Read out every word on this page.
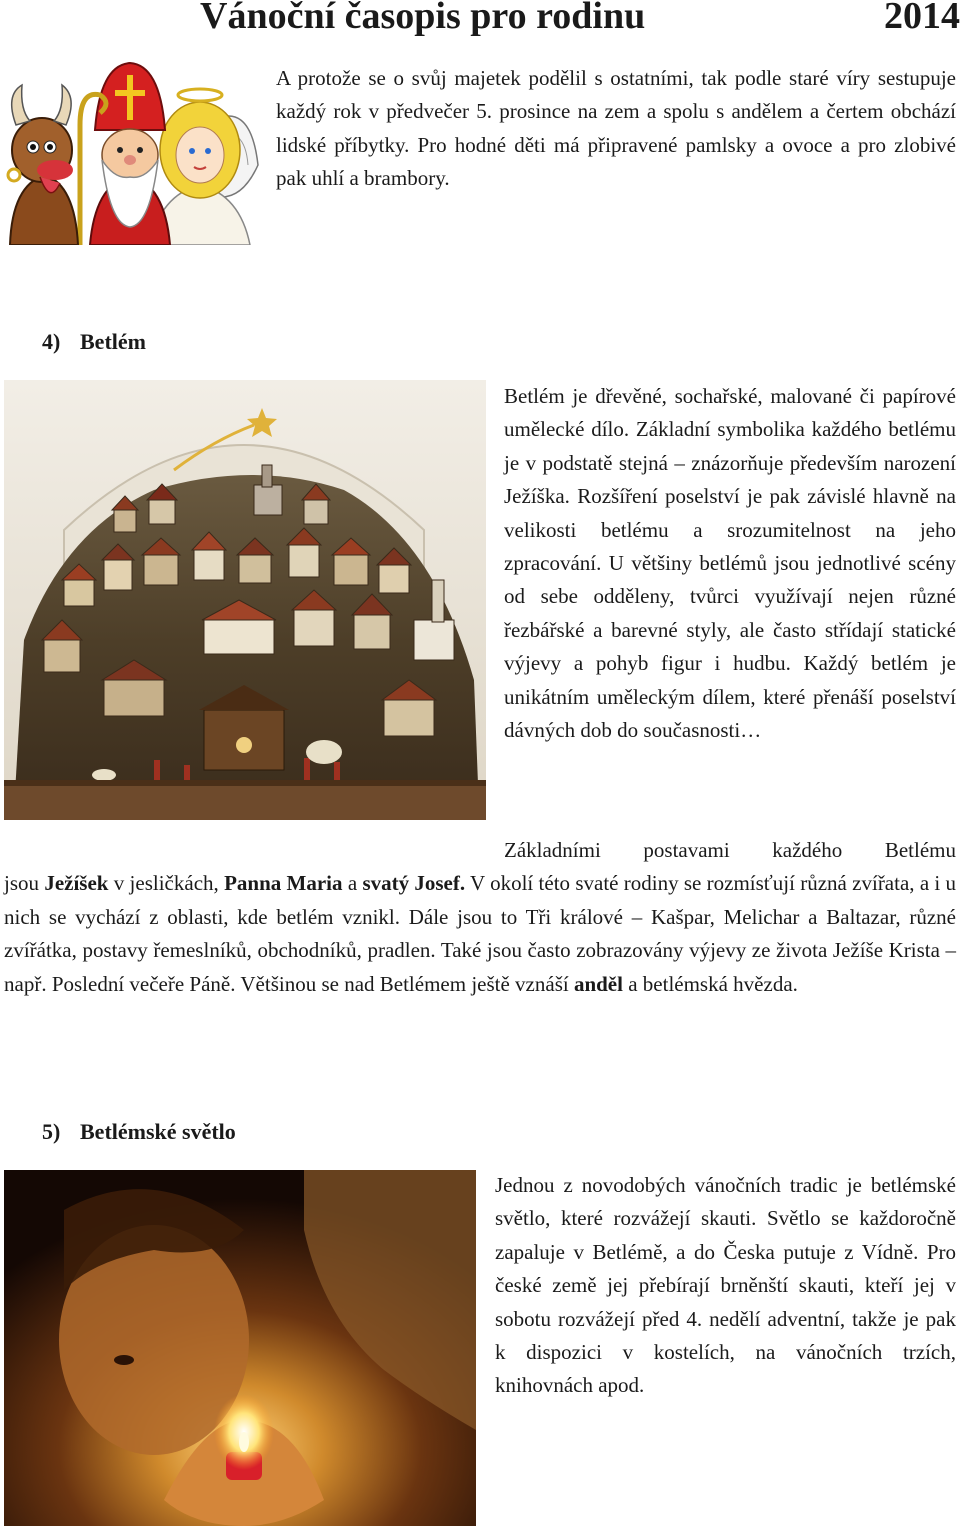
Vánoční časopis pro rodinu	2014

A protože se o svůj majetek podělil s ostatními, tak podle staré víry sestupuje každý rok v předvečer 5. prosince na zem a spolu s andělem a čertem obchází lidské příbytky. Pro hodné děti má připravené pamlsky a ovoce a pro zlobivé pak uhlí a brambory.

4) Betlém

Betlém je dřevěné, sochařské, malované či papírové umělecké dílo. Základní symbolika každého betlému je v podstatě stejná – znázorňuje především narození Ježíška. Rozšíření poselství je pak závislé hlavně na velikosti betlému a srozumitelnost na jeho zpracování. U většiny betlémů jsou jednotlivé scény od sebe odděleny, tvůrci využívají nejen různé řezbářské a barevné styly, ale často střídají statické výjevy a pohyb figur i hudbu. Každý betlém je unikátním uměleckým dílem, které přenáší poselství dávných dob do současnosti…

Základními postavami každého Betlému
jsou Ježíšek v jesličkách, Panna Maria a svatý Josef. V okolí této svaté rodiny se rozmísťují různá zvířata, a i u nich se vychází z oblasti, kde betlém vznikl. Dále jsou to Tři králové – Kašpar, Melichar a Baltazar, různé zvířátka, postavy řemeslníků, obchodníků, pradlen. Také jsou často zobrazovány výjevy ze života Ježíše Krista – např. Poslední večeře Páně. Většinou se nad Betlémem ještě vznáší anděl a betlémská hvězda.

5) Betlémské světlo

Jednou z novodobých vánočních tradic je betlémské světlo, které rozvážejí skauti. Světlo se každoročně zapaluje v Betlémě, a do Česka putuje z Vídně. Pro české země jej přebírají brněnští skauti, kteří jej v sobotu rozvážejí před 4. nedělí adventní, takže je pak k dispozici v kostelích, na vánočních trzích, knihovnách apod.
